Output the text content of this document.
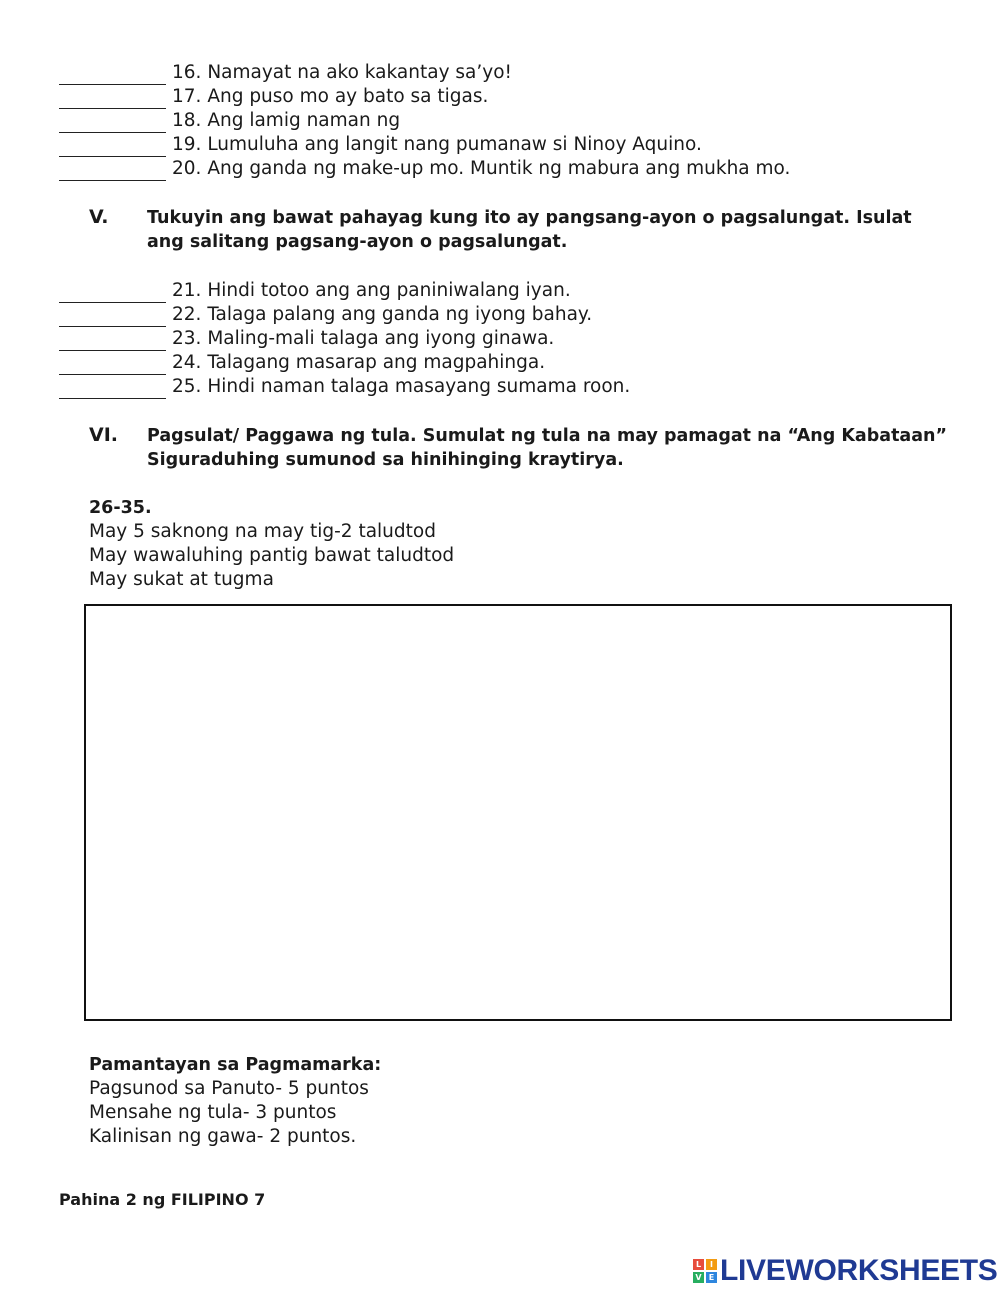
16.
Namayat na ako kakantay sa’yo!
17.
Ang puso mo ay bato sa tigas.
18.
Ang lamig naman ng
19.
Lumuluha ang langit nang pumanaw si Ninoy Aquino.
20.
Ang ganda ng make-up mo. Muntik ng mabura ang mukha mo.
V. Tukuyin ang bawat pahayag kung ito ay pangsang-ayon o pagsalungat. Isulat ang salitang pagsang-ayon o pagsalungat.
21.
Hindi totoo ang ang paniniwalang iyan.
22.
Talaga palang ang ganda ng iyong bahay.
23.
Maling-mali talaga ang iyong ginawa.
24.
Talagang masarap ang magpahinga.
25.
Hindi naman talaga masayang sumama roon.
VI. Pagsulat/ Paggawa ng tula. Sumulat ng tula na may pamagat na “Ang Kabataan” Siguraduhing sumunod sa hinihinging kraytirya.
26-35.
May 5 saknong na may tig-2 taludtod
May wawaluhing pantig bawat taludtod
May sukat at tugma
Pamantayan sa Pagmamarka:
Pagsunod sa Panuto- 5 puntos
Mensahe ng tula- 3 puntos
Kalinisan ng gawa- 2 puntos.
Pahina 2 ng FILIPINO 7
L	I
V E LIVEWORKSHEETS
